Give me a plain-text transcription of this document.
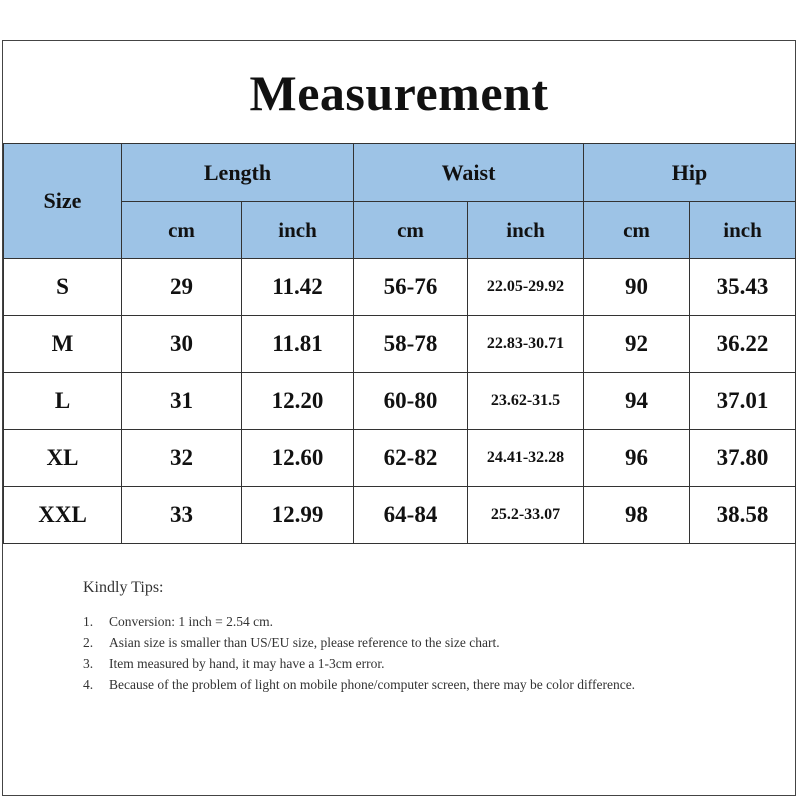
Measurement
Size	Length		Waist		Hip	
	cm	inch	cm	inch	cm	inch
S	29	11.42	56-76	22.05-29.92	90	35.43
M	30	11.81	58-78	22.83-30.71	92	36.22
L	31	12.20	60-80	23.62-31.5	94	37.01
XL	32	12.60	62-82	24.41-32.28	96	37.80
XXL	33	12.99	64-84	25.2-33.07	98	38.58
Kindly Tips:
1.	Conversion: 1 inch = 2.54 cm.
2.	Asian size is smaller than US/EU size, please reference to the size chart.
3.	Item measured by hand, it may have a 1-3cm error.
4.	Because of the problem of light on mobile phone/computer screen, there may be color difference.
